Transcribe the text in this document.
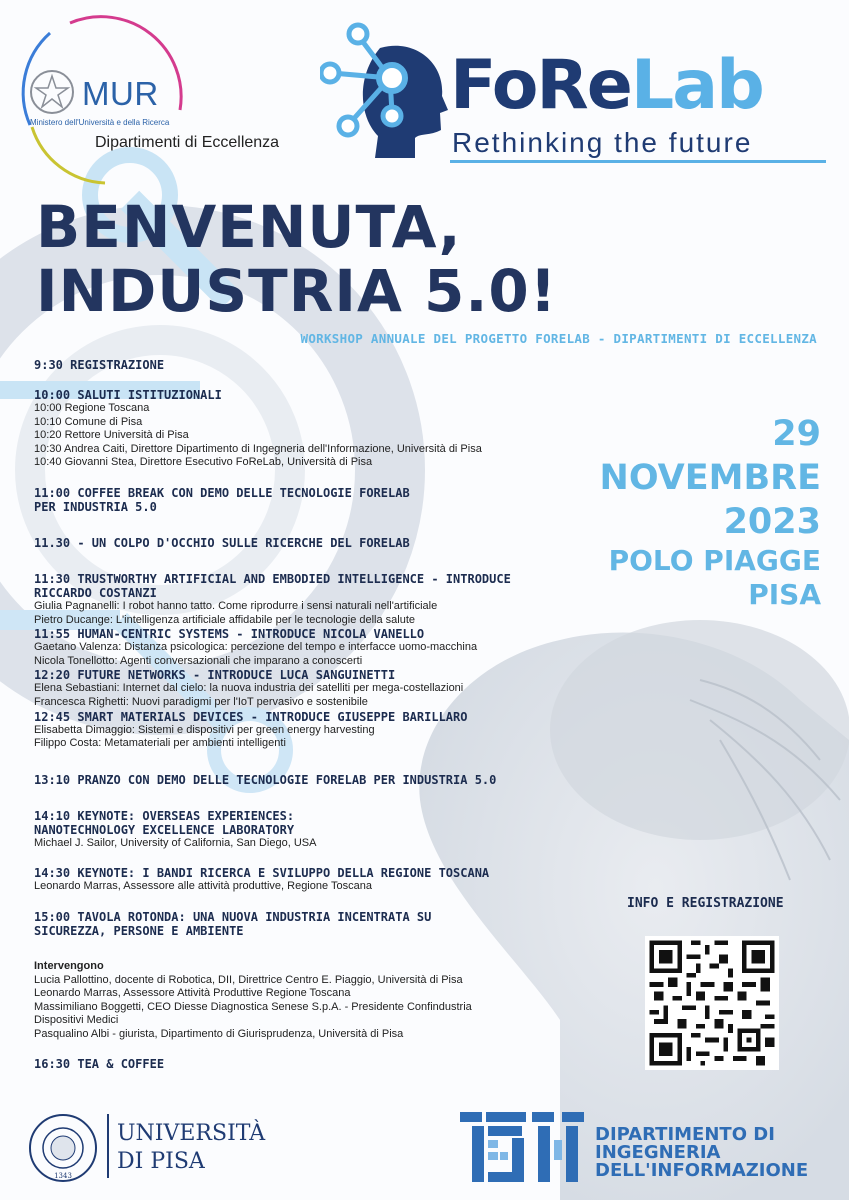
MUR
Ministero dell'Università e della Ricerca
Dipartimenti di Eccellenza
FoReLab
Rethinking the future
BENVENUTA,
INDUSTRIA 5.0!
WORKSHOP ANNUALE DEL PROGETTO FORELAB - DIPARTIMENTI DI ECCELLENZA
29
NOVEMBRE
2023
POLO PIAGGE
PISA
9:30 REGISTRAZIONE
10:00 SALUTI ISTITUZIONALI
10:00 Regione Toscana
10:10 Comune di Pisa
10:20 Rettore Università di Pisa
10:30 Andrea Caiti, Direttore Dipartimento di Ingegneria dell'Informazione, Università di Pisa
10:40 Giovanni Stea, Direttore Esecutivo FoReLab, Università di Pisa
11:00 COFFEE BREAK CON DEMO DELLE TECNOLOGIE FORELAB
PER INDUSTRIA 5.0
11.30 - UN COLPO D'OCCHIO SULLE RICERCHE DEL FORELAB
11:30 TRUSTWORTHY ARTIFICIAL AND EMBODIED INTELLIGENCE - INTRODUCE
RICCARDO COSTANZI
Giulia Pagnanelli: I robot hanno tatto. Come riprodurre i sensi naturali nell'artificiale
Pietro Ducange: L'intelligenza artificiale affidabile per le tecnologie della salute
11:55 HUMAN-CENTRIC SYSTEMS - INTRODUCE NICOLA VANELLO
Gaetano Valenza: Distanza psicologica: percezione del tempo e interfacce uomo-macchina
Nicola Tonellotto: Agenti conversazionali che imparano a conoscerti
12:20 FUTURE NETWORKS - INTRODUCE LUCA SANGUINETTI
Elena Sebastiani: Internet dal cielo: la nuova industria dei satelliti per mega-costellazioni
Francesca Righetti: Nuovi paradigmi per l'IoT pervasivo e sostenibile
12:45 SMART MATERIALS DEVICES - INTRODUCE GIUSEPPE BARILLARO
Elisabetta Dimaggio: Sistemi e dispositivi per green energy harvesting
Filippo Costa: Metamateriali per ambienti intelligenti
13:10 PRANZO CON DEMO DELLE TECNOLOGIE FORELAB PER INDUSTRIA 5.0
14:10 KEYNOTE: OVERSEAS EXPERIENCES:
NANOTECHNOLOGY EXCELLENCE LABORATORY
Michael J. Sailor, University of California, San Diego, USA
14:30 KEYNOTE: I BANDI RICERCA E SVILUPPO DELLA REGIONE TOSCANA
Leonardo Marras, Assessore alle attività produttive, Regione Toscana
15:00 TAVOLA ROTONDA: UNA NUOVA INDUSTRIA INCENTRATA SU
SICUREZZA, PERSONE E AMBIENTE
Intervengono
Lucia Pallottino, docente di Robotica, DII, Direttrice Centro E. Piaggio, Università di Pisa
Leonardo Marras, Assessore Attività Produttive Regione Toscana
Massimiliano Boggetti, CEO Diesse Diagnostica Senese S.p.A. - Presidente Confindustria
Dispositivi Medici
Pasqualino Albi - giurista, Dipartimento di Giurisprudenza, Università di Pisa
16:30 TEA & COFFEE
INFO E REGISTRAZIONE
1343
UNIVERSITÀ
DI PISA
DIPARTIMENTO DI
INGEGNERIA
DELL'INFORMAZIONE
